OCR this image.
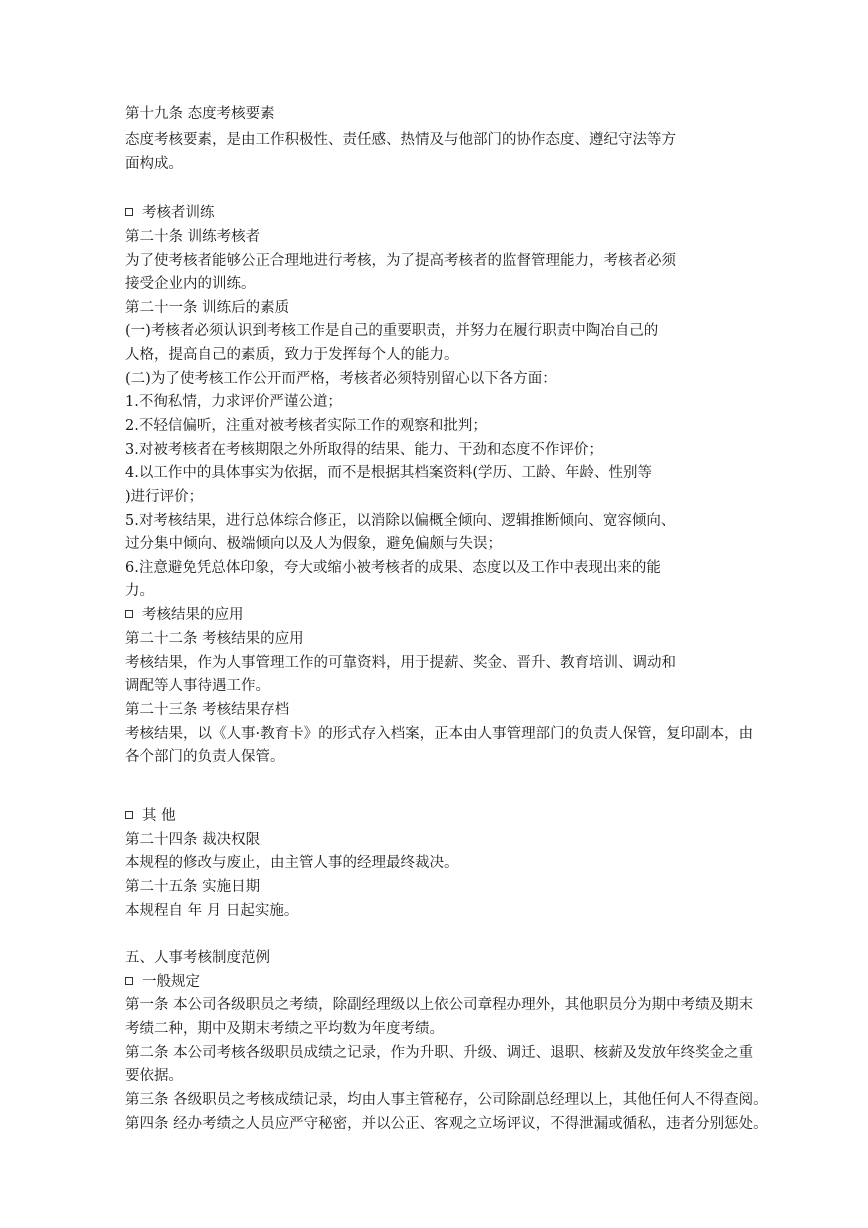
第十九条 态度考核要素
态度考核要素，是由工作积极性、责任感、热情及与他部门的协作态度、遵纪守法等方
面构成。
考核者训练
第二十条 训练考核者
为了使考核者能够公正合理地进行考核，为了提高考核者的监督管理能力，考核者必须
接受企业内的训练。
第二十一条 训练后的素质
(一)考核者必须认识到考核工作是自己的重要职责，并努力在履行职责中陶冶自己的
人格，提高自己的素质，致力于发挥每个人的能力。
(二)为了使考核工作公开而严格，考核者必须特别留心以下各方面：
1.不徇私情，力求评价严谨公道；
2.不轻信偏听，注重对被考核者实际工作的观察和批判；
3.对被考核者在考核期限之外所取得的结果、能力、干劲和态度不作评价；
4.以工作中的具体事实为依据，而不是根据其档案资料(学历、工龄、年龄、性别等
)进行评价；
5.对考核结果，进行总体综合修正，以消除以偏概全倾向、逻辑推断倾向、宽容倾向、
过分集中倾向、极端倾向以及人为假象，避免偏颇与失误；
6.注意避免凭总体印象，夸大或缩小被考核者的成果、态度以及工作中表现出来的能
力。
考核结果的应用
第二十二条 考核结果的应用
考核结果，作为人事管理工作的可靠资料，用于提薪、奖金、晋升、教育培训、调动和
调配等人事待遇工作。
第二十三条 考核结果存档
考核结果，以《人事·教育卡》的形式存入档案，正本由人事管理部门的负责人保管，复印副本，由
各个部门的负责人保管。
其 他
第二十四条 裁决权限
本规程的修改与废止，由主管人事的经理最终裁决。
第二十五条 实施日期
本规程自 年 月 日起实施。
五、人事考核制度范例
一般规定
第一条 本公司各级职员之考绩，除副经理级以上依公司章程办理外，其他职员分为期中考绩及期末
考绩二种，期中及期末考绩之平均数为年度考绩。
第二条 本公司考核各级职员成绩之记录，作为升职、升级、调迁、退职、核薪及发放年终奖金之重
要依据。
第三条 各级职员之考核成绩记录，均由人事主管秘存，公司除副总经理以上，其他任何人不得查阅。
第四条 经办考绩之人员应严守秘密，并以公正、客观之立场评议，不得泄漏或循私，违者分别惩处。
